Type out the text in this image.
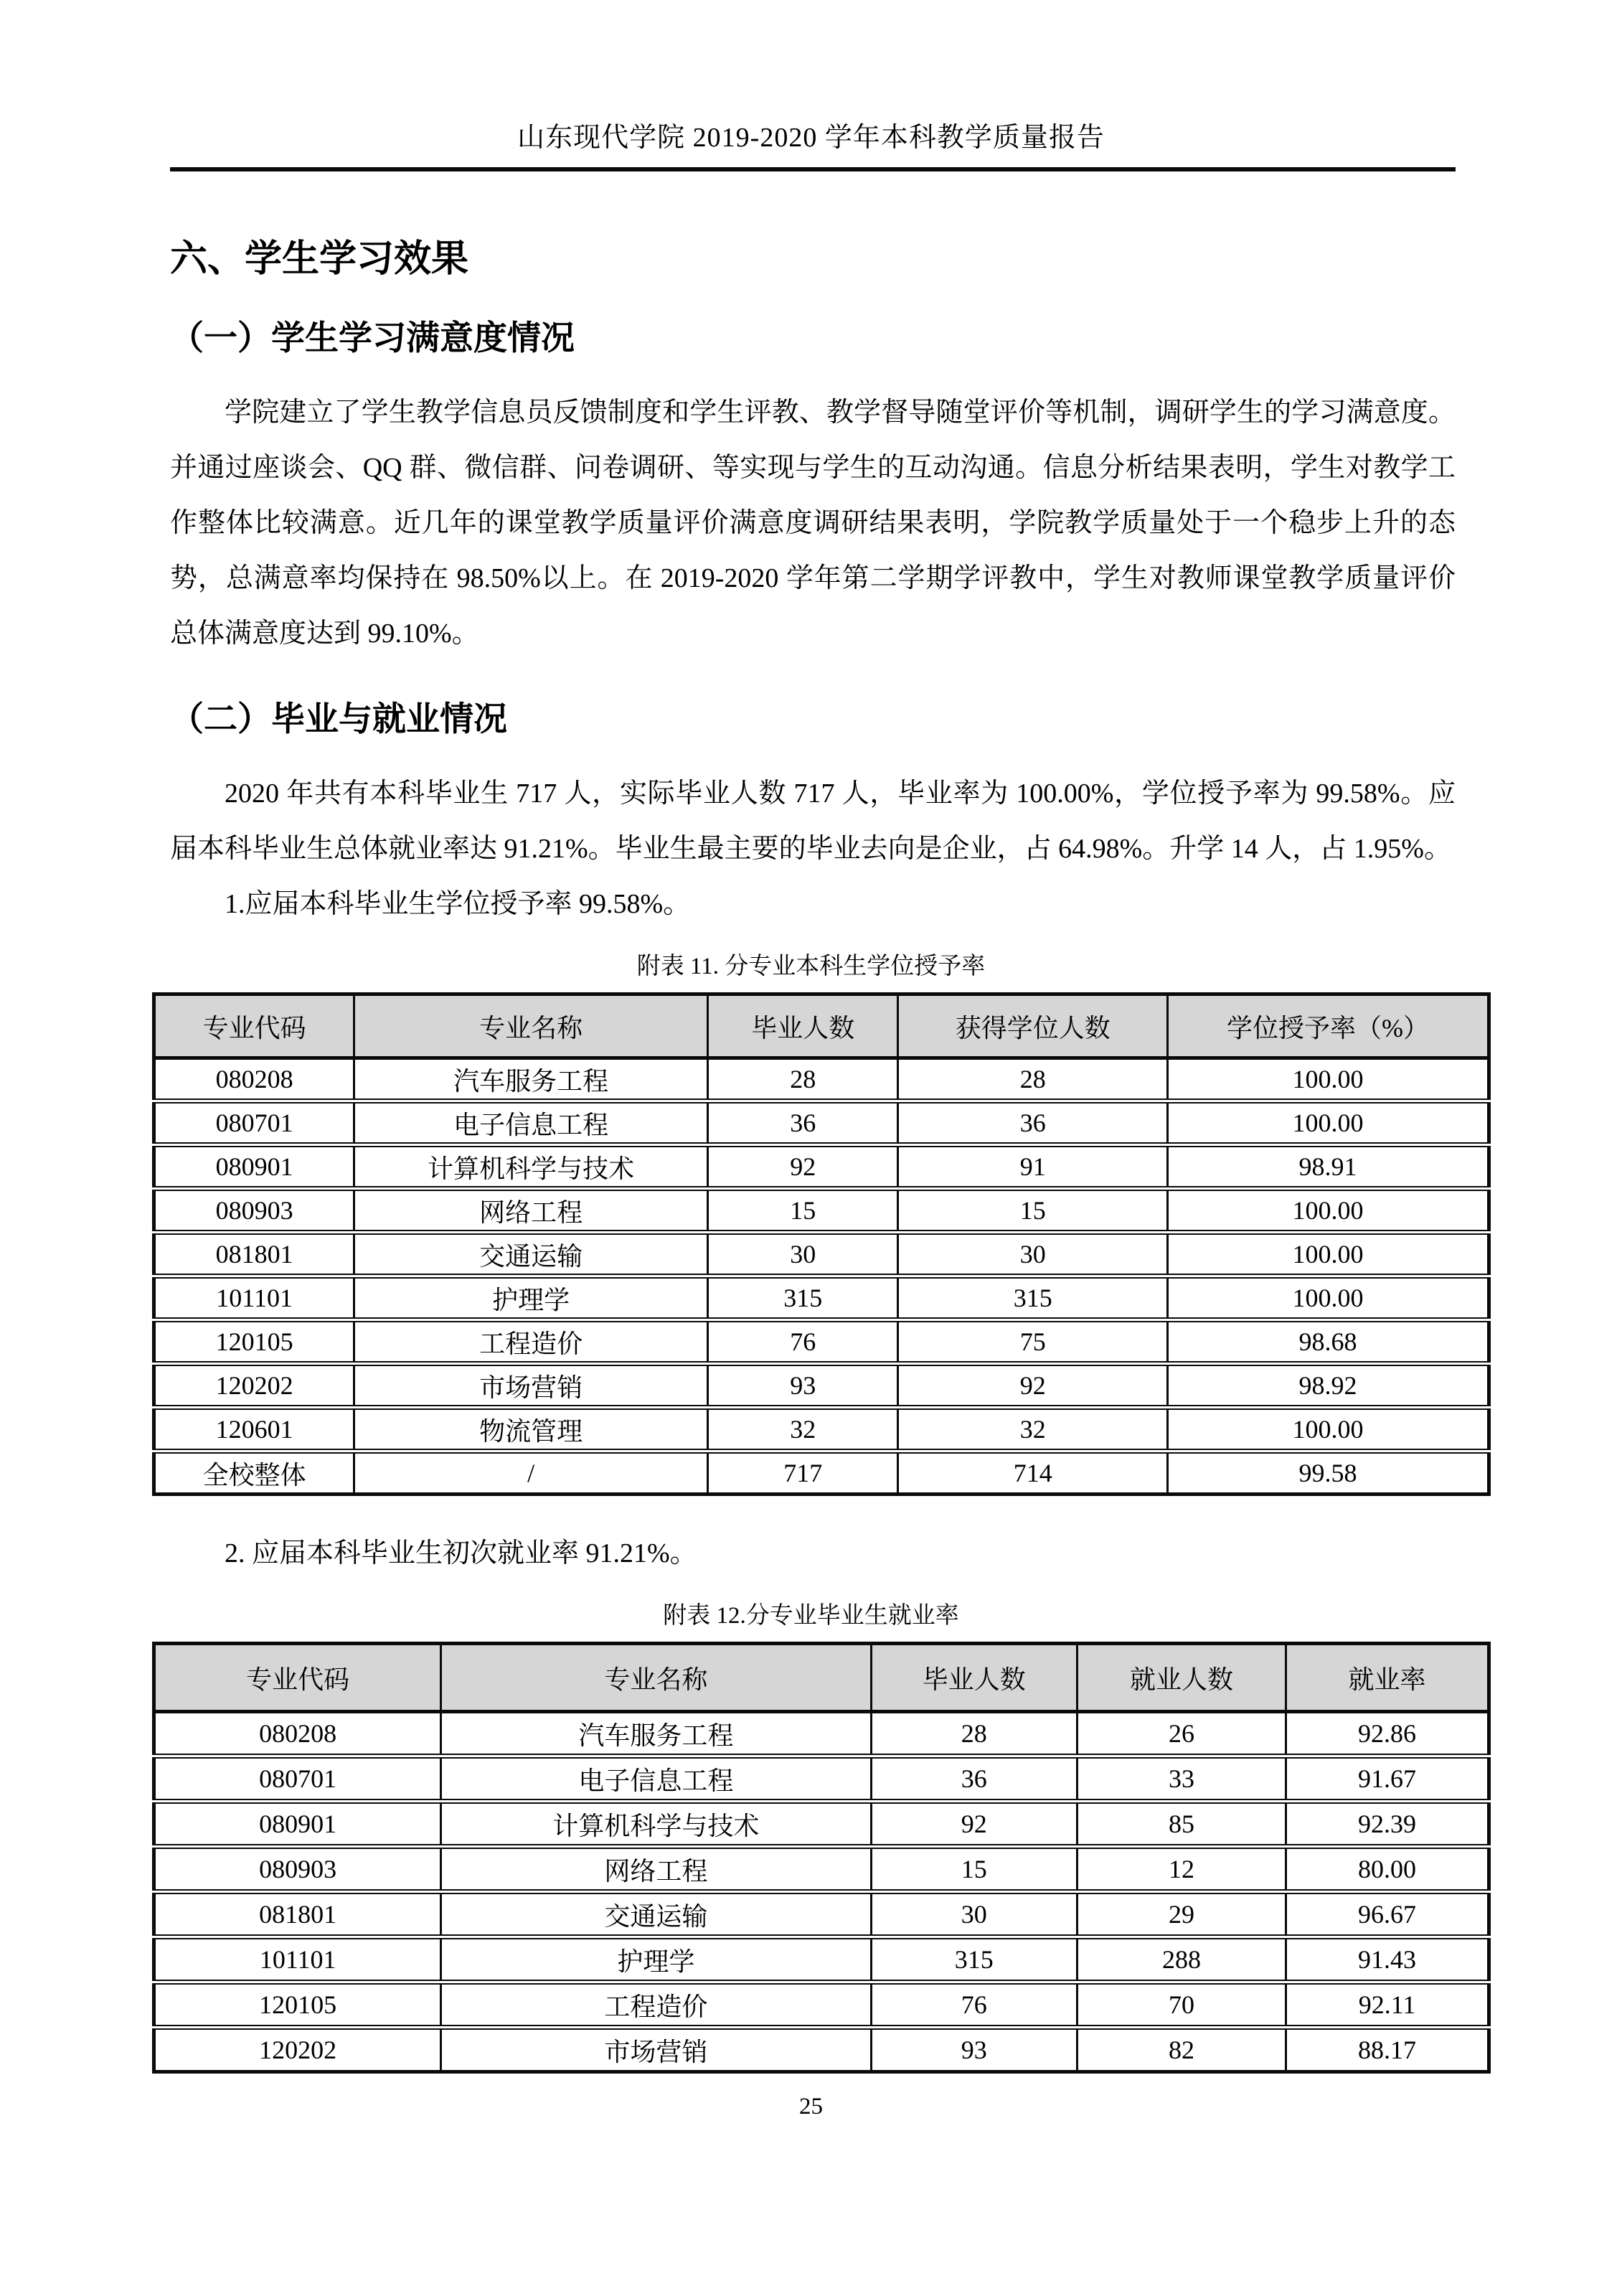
山东现代学院 2019-2020 学年本科教学质量报告
六、学生学习效果
（一）学生学习满意度情况

学院建立了学生教学信息员反馈制度和学生评教、教学督导随堂评价等机制，调研学生的学习满意度。并通过座谈会、QQ 群、微信群、问卷调研、等实现与学生的互动沟通。信息分析结果表明，学生对教学工作整体比较满意。近几年的课堂教学质量评价满意度调研结果表明，学院教学质量处于一个稳步上升的态势，总满意率均保持在 98.50%以上。在 2019-2020 学年第二学期学评教中，学生对教师课堂教学质量评价总体满意度达到 99.10%。

（二）毕业与就业情况

2020 年共有本科毕业生 717 人，实际毕业人数 717 人，毕业率为 100.00%，学位授予率为 99.58%。应届本科毕业生总体就业率达 91.21%。毕业生最主要的毕业去向是企业，占 64.98%。升学 14 人，占 1.95%。

1.应届本科毕业生学位授予率 99.58%。
附表 11. 分专业本科生学位授予率
专业代码	专业名称	毕业人数	获得学位人数	学位授予率（%）
080208	汽车服务工程	28	28	100.00
080701	电子信息工程	36	36	100.00
080901	计算机科学与技术	92	91	98.91
080903	网络工程	15	15	100.00
081801	交通运输	30	30	100.00
101101	护理学	315	315	100.00
120105	工程造价	76	75	98.68
120202	市场营销	93	92	98.92
120601	物流管理	32	32	100.00
全校整体	/	717	714	99.58
2. 应届本科毕业生初次就业率 91.21%。
附表 12.分专业毕业生就业率
专业代码	专业名称	毕业人数	就业人数	就业率
080208	汽车服务工程	28	26	92.86
080701	电子信息工程	36	33	91.67
080901	计算机科学与技术	92	85	92.39
080903	网络工程	15	12	80.00
081801	交通运输	30	29	96.67
101101	护理学	315	288	91.43
120105	工程造价	76	70	92.11
120202	市场营销	93	82	88.17
25
